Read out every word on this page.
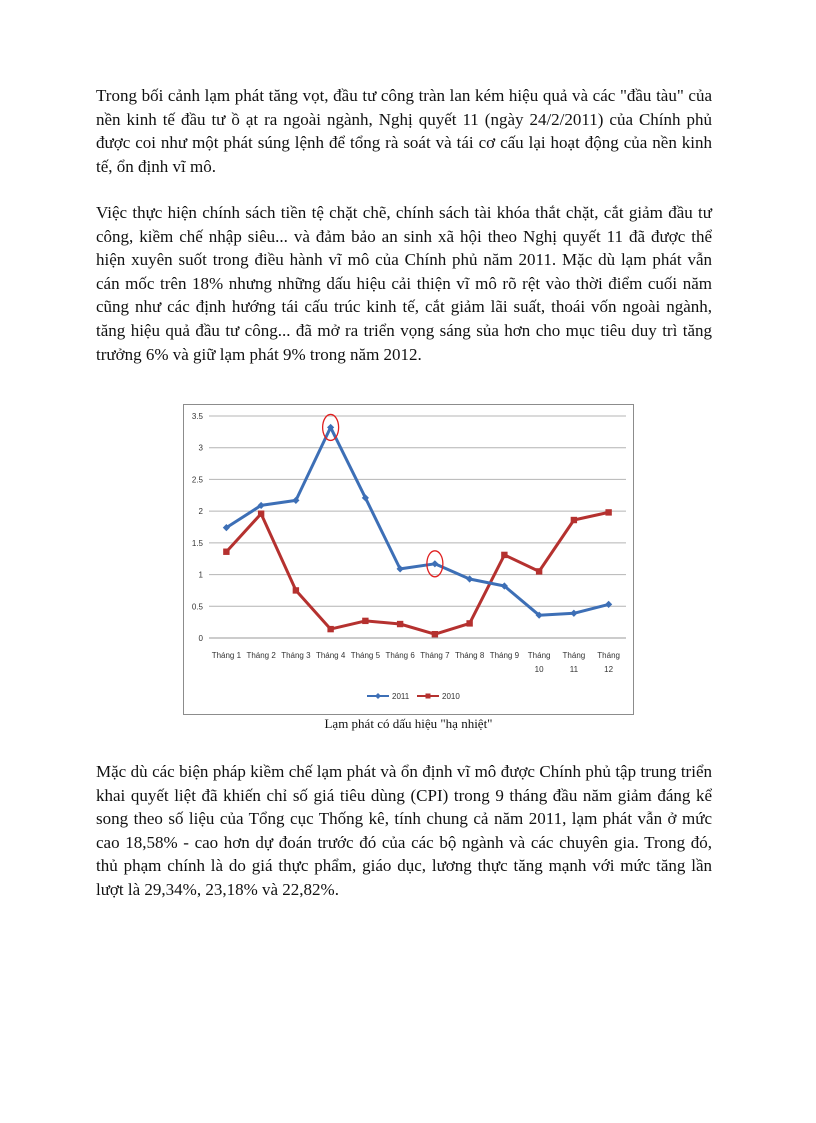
Trong bối cảnh lạm phát tăng vọt, đầu tư công tràn lan kém hiệu quả và các "đầu tàu" của nền kinh tế đầu tư ồ ạt ra ngoài ngành, Nghị quyết 11 (ngày 24/2/2011) của Chính phủ được coi như một phát súng lệnh để tổng rà soát và tái cơ cấu lại hoạt động của nền kinh tế, ổn định vĩ mô.

Việc thực hiện chính sách tiền tệ chặt chẽ, chính sách tài khóa thắt chặt, cắt giảm đầu tư công, kiềm chế nhập siêu... và đảm bảo an sinh xã hội theo Nghị quyết 11 đã được thể hiện xuyên suốt trong điều hành vĩ mô của Chính phủ năm 2011. Mặc dù lạm phát vẫn cán mốc trên 18% nhưng những dấu hiệu cải thiện vĩ mô rõ rệt vào thời điểm cuối năm cũng như các định hướng tái cấu trúc kinh tế, cắt giảm lãi suất, thoái vốn ngoài ngành, tăng hiệu quả đầu tư công... đã mở ra triển vọng sáng sủa hơn cho mục tiêu duy trì tăng trưởng 6% và giữ lạm phát 9% trong năm 2012.

0
0.5
1
1.5
2
2.5
3
3.5
Tháng 1 Tháng 2 Tháng 3 Tháng 4 Tháng 5 Tháng 6 Tháng 7 Tháng 8 Tháng 9 Tháng
10
Tháng
11
Tháng
12
2011	2010

Lạm phát có dấu hiệu "hạ nhiệt"

Mặc dù các biện pháp kiềm chế lạm phát và ổn định vĩ mô được Chính phủ tập trung triển khai quyết liệt đã khiến chỉ số giá tiêu dùng (CPI) trong 9 tháng đầu năm giảm đáng kể song theo số liệu của Tổng cục Thống kê, tính chung cả năm 2011, lạm phát vẫn ở mức cao 18,58% - cao hơn dự đoán trước đó của các bộ ngành và các chuyên gia. Trong đó, thủ phạm chính là do giá thực phẩm, giáo dục, lương thực tăng mạnh với mức tăng lần lượt là 29,34%, 23,18% và 22,82%.
